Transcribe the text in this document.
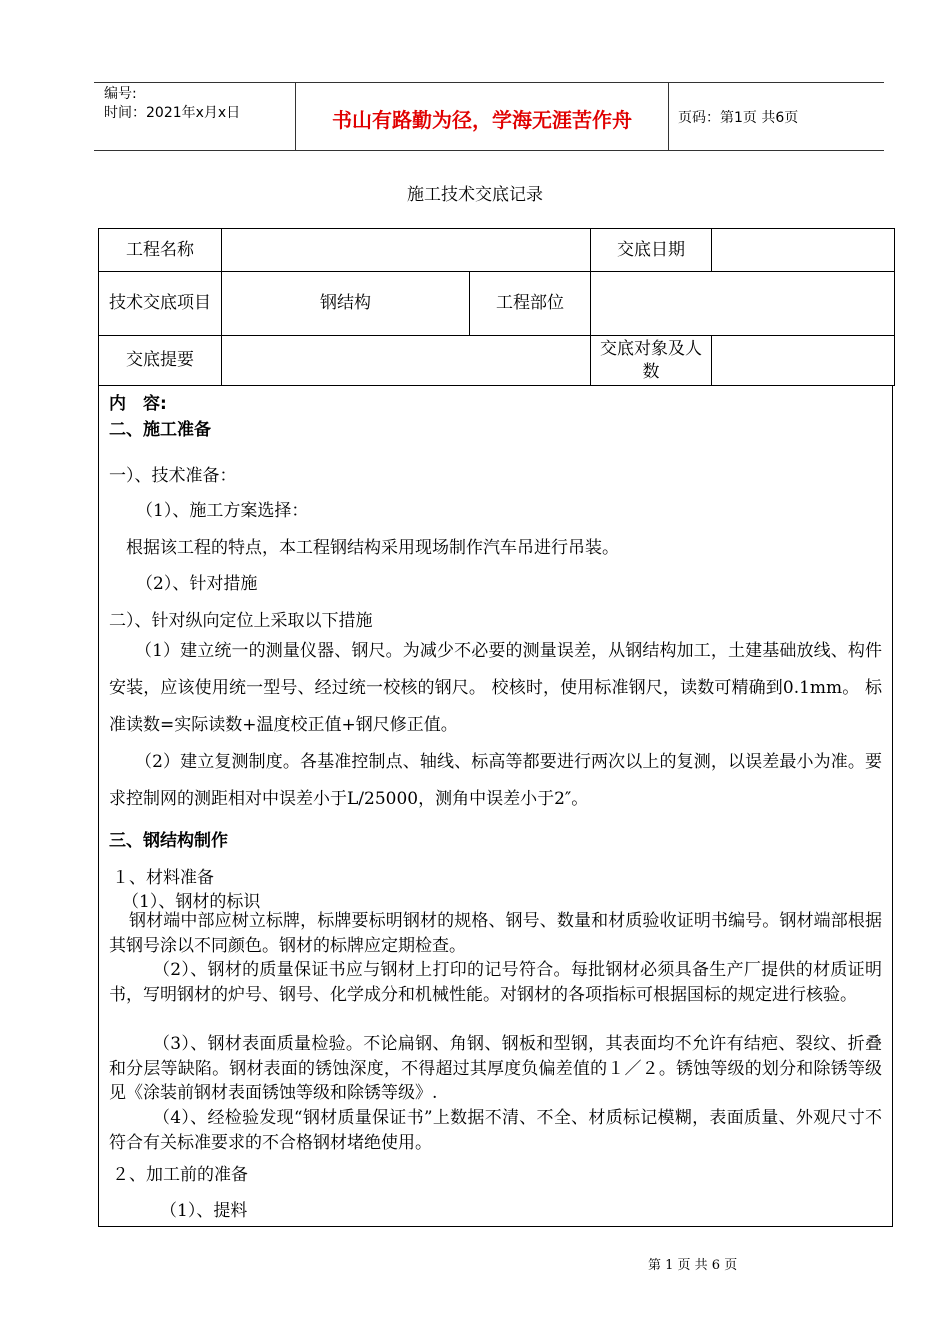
编号:
时间：2021年x月x日	书山有路勤为径，学海无涯苦作舟	页码：第1页 共6页
施工技术交底记录
工程名称			交底日期	
技术交底项目	钢结构	工程部位		
交底提要			交底对象及人数	
内　容:
二、施工准备
一）、技术准备：
（1）、施工方案选择：
根据该工程的特点，本工程钢结构采用现场制作汽车吊进行吊装。
（2）、针对措施
二）、针对纵向定位上采取以下措施
（1）建立统一的测量仪器、钢尺。为减少不必要的测量误差，从钢结构加工，土建基础放线、构件安装，应该使用统一型号、经过统一校核的钢尺。 校核时，使用标准钢尺，读数可精确到0.1mm。 标准读数=实际读数+温度校正值+钢尺修正值。
（2）建立复测制度。各基准控制点、轴线、标高等都要进行两次以上的复测，以误差最小为准。要求控制网的测距相对中误差小于L/25000，测角中误差小于2″。
三、钢结构制作
１、材料准备
（1）、钢材的标识
钢材端中部应树立标牌，标牌要标明钢材的规格、钢号、数量和材质验收证明书编号。钢材端部根据其钢号涂以不同颜色。钢材的标牌应定期检查。
（2）、钢材的质量保证书应与钢材上打印的记号符合。每批钢材必须具备生产厂提供的材质证明书，写明钢材的炉号、钢号、化学成分和机械性能。对钢材的各项指标可根据国标的规定进行核验。
（3）、钢材表面质量检验。不论扁钢、角钢、钢板和型钢，其表面均不允许有结疤、裂纹、折叠和分层等缺陷。钢材表面的锈蚀深度，不得超过其厚度负偏差值的１／２。锈蚀等级的划分和除锈等级见《涂装前钢材表面锈蚀等级和除锈等级》.
（4）、经检验发现“钢材质量保证书”上数据不清、不全、材质标记模糊，表面质量、外观尺寸不符合有关标准要求的不合格钢材堵绝使用。
２、加工前的准备
（1）、提料
第 1 页 共 6 页
